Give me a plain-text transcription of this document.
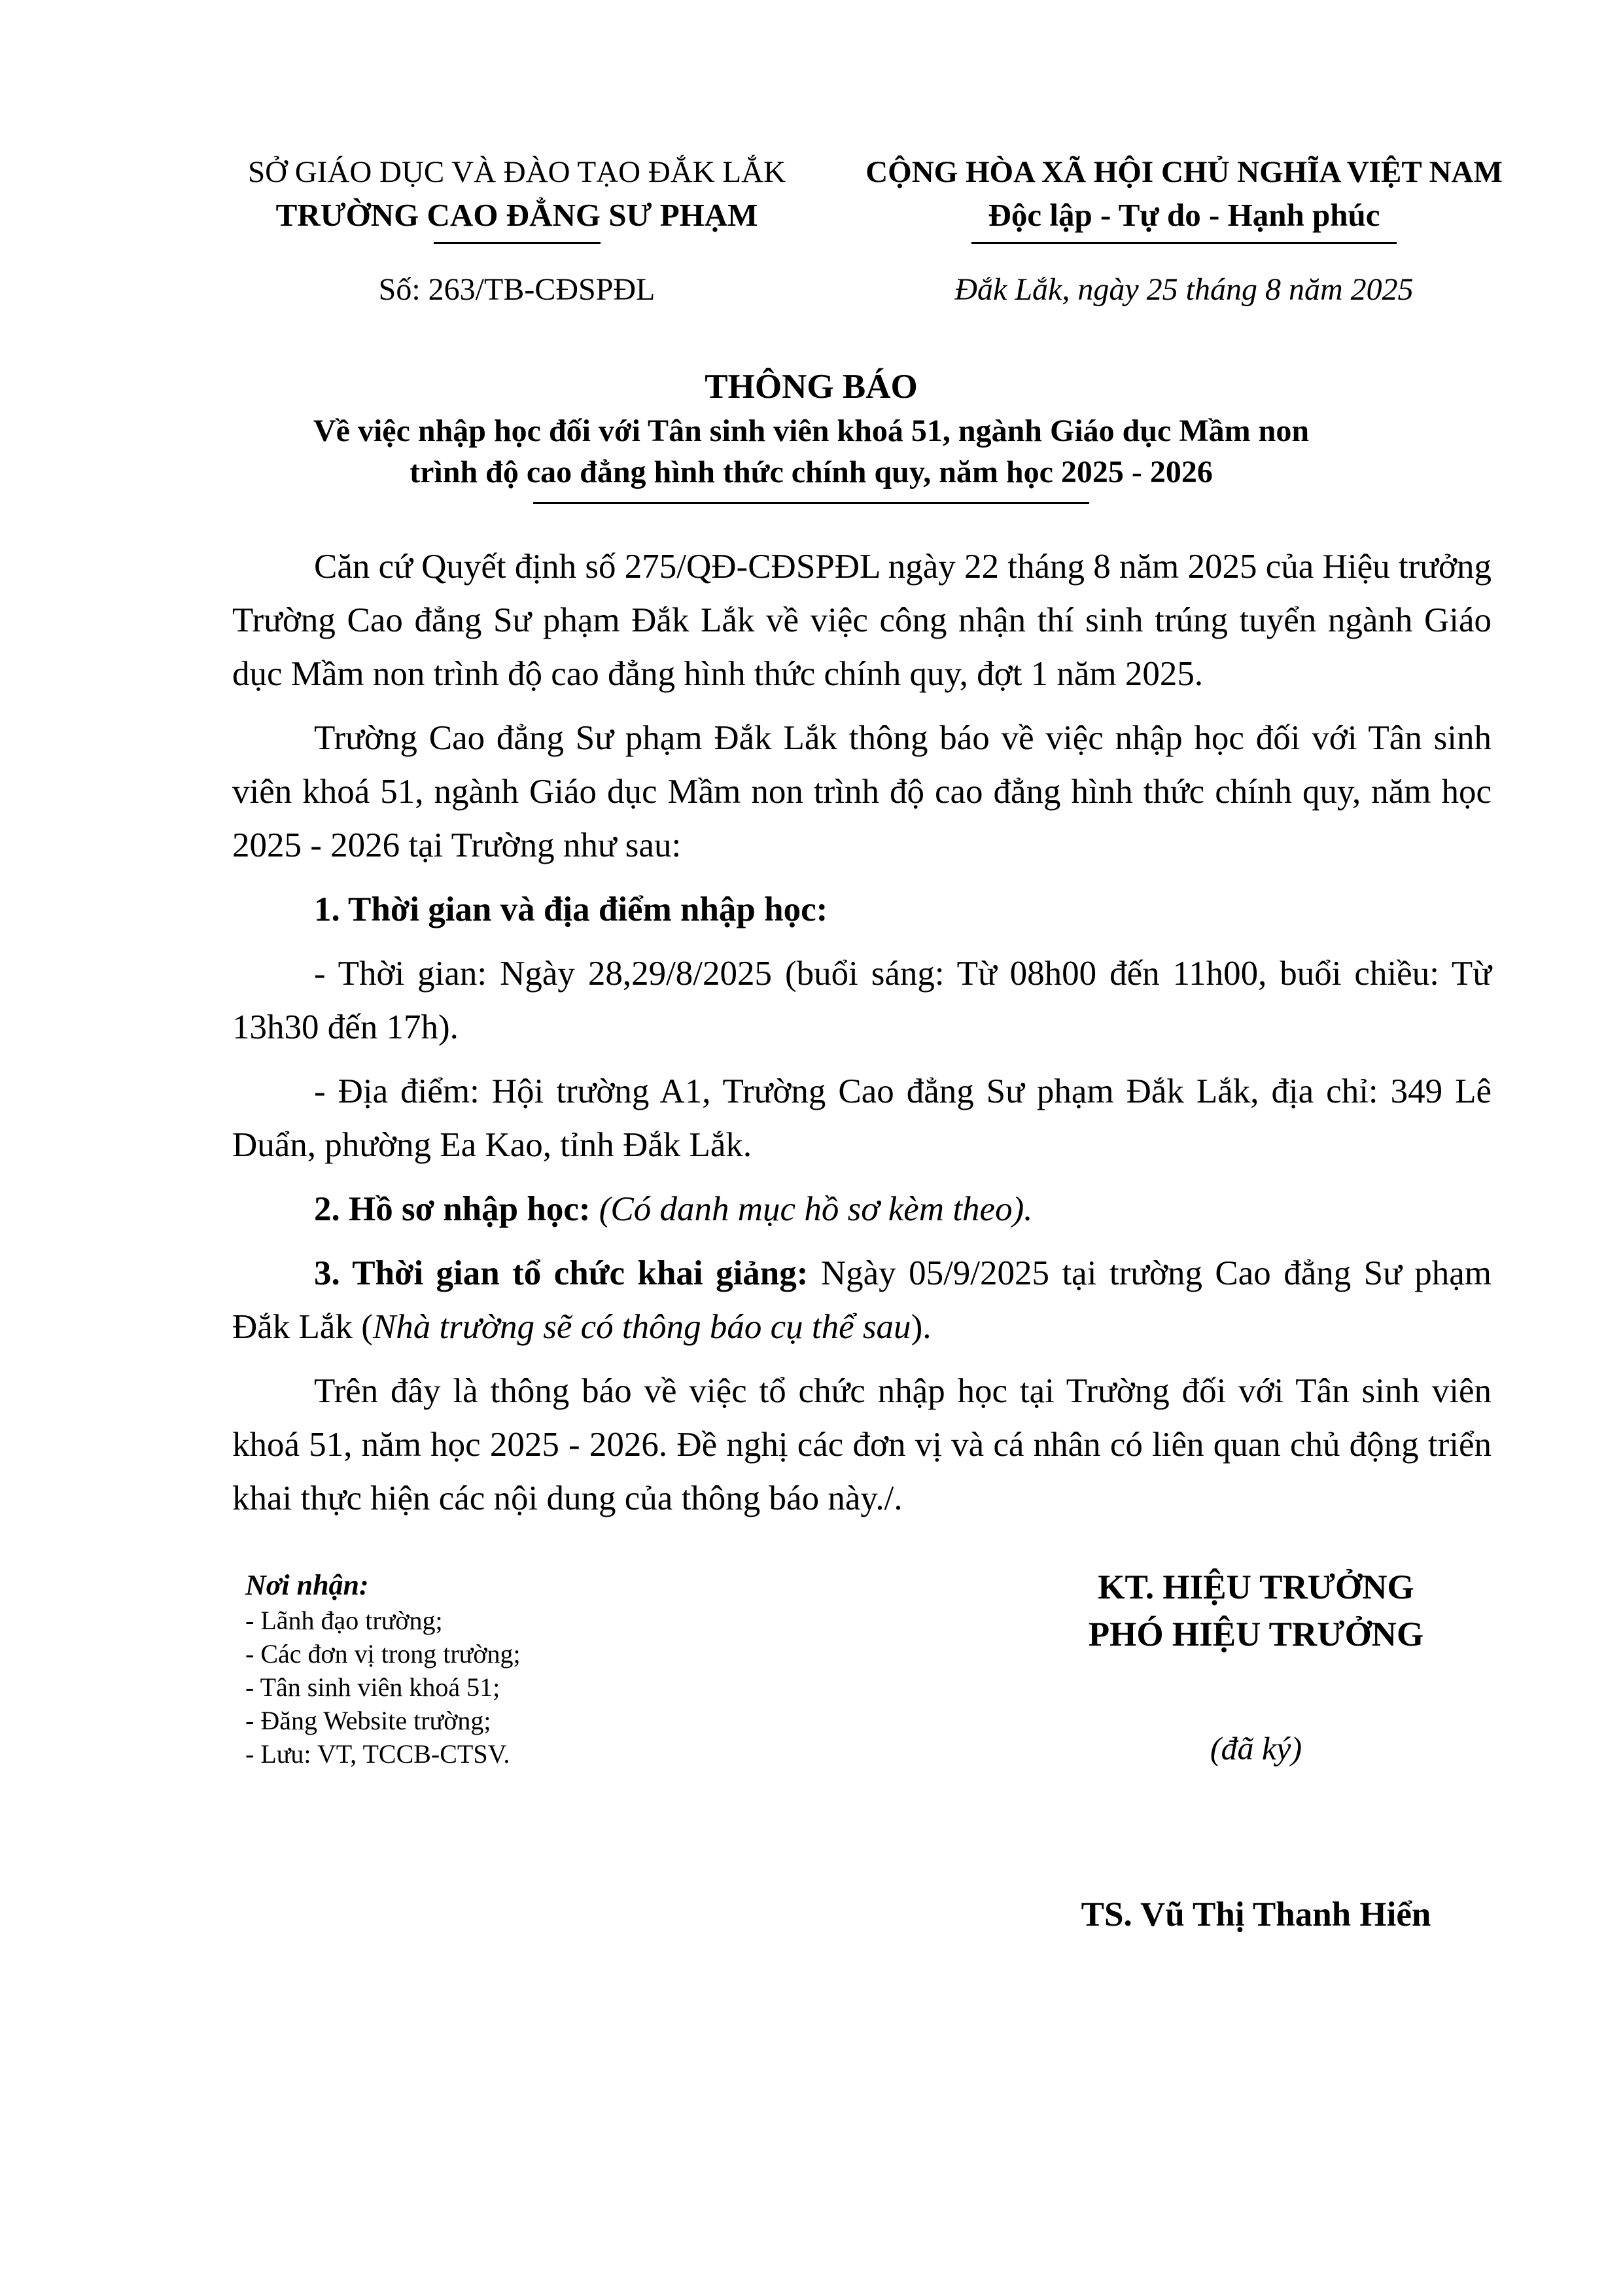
SỞ GIÁO DỤC VÀ ĐÀO TẠO ĐẮK LẮK
TRƯỜNG CAO ĐẲNG SƯ PHẠM
CỘNG HÒA XÃ HỘI CHỦ NGHĨA VIỆT NAM
Độc lập - Tự do - Hạnh phúc
Số: 263/TB-CĐSPĐL	Đắk Lắk, ngày 25 tháng 8 năm 2025
THÔNG BÁO
Về việc nhập học đối với Tân sinh viên khoá 51, ngành Giáo dục Mầm non
trình độ cao đẳng hình thức chính quy, năm học 2025 - 2026

Căn cứ Quyết định số 275/QĐ-CĐSPĐL ngày 22 tháng 8 năm 2025 của Hiệu trưởng Trường Cao đẳng Sư phạm Đắk Lắk về việc công nhận thí sinh trúng tuyển ngành Giáo dục Mầm non trình độ cao đẳng hình thức chính quy, đợt 1 năm 2025.

Trường Cao đẳng Sư phạm Đắk Lắk thông báo về việc nhập học đối với Tân sinh viên khoá 51, ngành Giáo dục Mầm non trình độ cao đẳng hình thức chính quy, năm học 2025 - 2026 tại Trường như sau:

1. Thời gian và địa điểm nhập học:

- Thời gian: Ngày 28,29/8/2025 (buổi sáng: Từ 08h00 đến 11h00, buổi chiều: Từ 13h30 đến 17h).

- Địa điểm: Hội trường A1, Trường Cao đẳng Sư phạm Đắk Lắk, địa chỉ: 349 Lê Duẩn, phường Ea Kao, tỉnh Đắk Lắk.

2. Hồ sơ nhập học: (Có danh mục hồ sơ kèm theo).

3. Thời gian tổ chức khai giảng: Ngày 05/9/2025 tại trường Cao đẳng Sư phạm Đắk Lắk (Nhà trường sẽ có thông báo cụ thể sau).

Trên đây là thông báo về việc tổ chức nhập học tại Trường đối với Tân sinh viên khoá 51, năm học 2025 - 2026. Đề nghị các đơn vị và cá nhân có liên quan chủ động triển khai thực hiện các nội dung của thông báo này./.

Nơi nhận:
- Lãnh đạo trường;
- Các đơn vị trong trường;
- Tân sinh viên khoá 51;
- Đăng Website trường;
- Lưu: VT, TCCB-CTSV.
KT. HIỆU TRƯỞNG
PHÓ HIỆU TRƯỞNG
(đã ký)
TS. Vũ Thị Thanh Hiển
